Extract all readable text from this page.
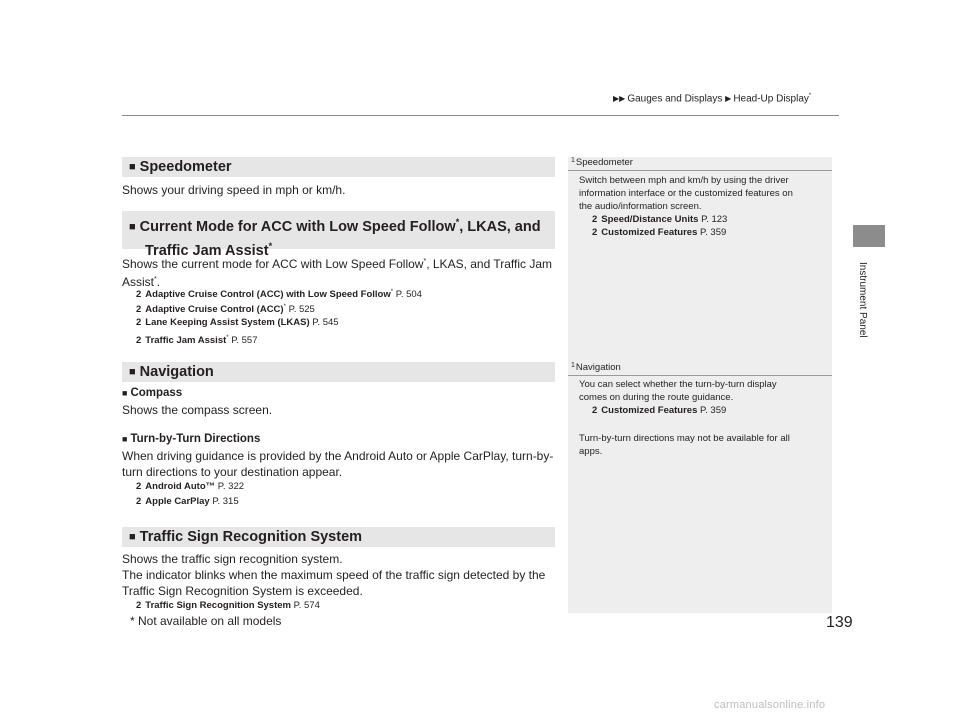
▶▶ Gauges and Displays ▶ Head-Up Display*
Instrument Panel
■ Speedometer
Shows your driving speed in mph or km/h.
■ Current Mode for ACC with Low Speed Follow*, LKAS, and
Traffic Jam Assist*
Shows the current mode for ACC with Low Speed Follow*, LKAS, and Traffic Jam
Assist*.
2 Adaptive Cruise Control (ACC) with Low Speed Follow* P. 504
2 Adaptive Cruise Control (ACC)* P. 525
2 Lane Keeping Assist System (LKAS) P. 545
2 Traffic Jam Assist* P. 557
■ Navigation
■ Compass
Shows the compass screen.
■ Turn-by-Turn Directions
When driving guidance is provided by the Android Auto or Apple CarPlay, turn-by-
turn directions to your destination appear.
2 Android Auto™ P. 322
2 Apple CarPlay P. 315
■ Traffic Sign Recognition System
Shows the traffic sign recognition system.
The indicator blinks when the maximum speed of the traffic sign detected by the
Traffic Sign Recognition System is exceeded.
2 Traffic Sign Recognition System P. 574
$^1$Speedometer
Switch between mph and km/h by using the driver
information interface or the customized features on
the audio/information screen.
2 Speed/Distance Units P. 123
2 Customized Features P. 359
$^1$Navigation
You can select whether the turn-by-turn display
comes on during the route guidance.
2 Customized Features P. 359
Turn-by-turn directions may not be available for all
apps.
* Not available on all models	139
carmanualsonline.info
